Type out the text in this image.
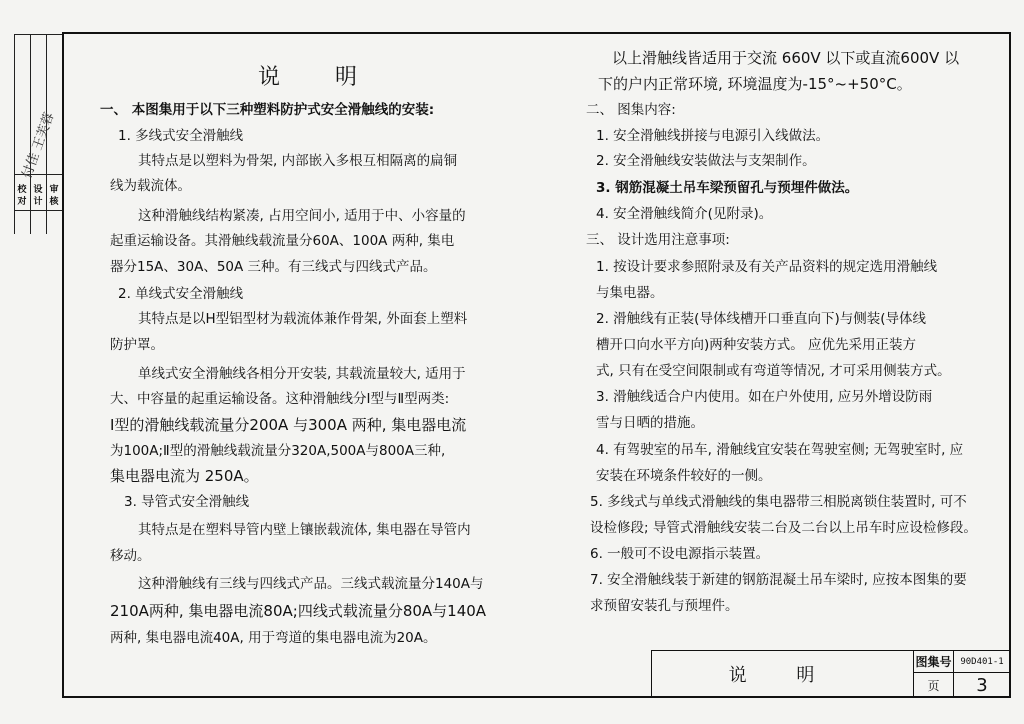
付佳 王芙蓉
校对
设计
审核
说 明
一、 本图集用于以下三种塑料防护式安全滑触线的安装:
1. 多线式安全滑触线
其特点是以塑料为骨架, 内部嵌入多根互相隔离的扁铜
线为载流体。
这种滑触线结构紧凑, 占用空间小, 适用于中、小容量的
起重运输设备。其滑触线载流量分60A、100A 两种, 集电
器分15A、30A、50A 三种。有三线式与四线式产品。
2. 单线式安全滑触线
其特点是以H型铝型材为载流体兼作骨架, 外面套上塑料
防护罩。
单线式安全滑触线各相分开安装, 其载流量较大, 适用于
大、中容量的起重运输设备。这种滑触线分Ⅰ型与Ⅱ型两类:
Ⅰ型的滑触线载流量分200A 与300A 两种, 集电器电流
为100A;Ⅱ型的滑触线载流量分320A,500A与800A三种,
集电器电流为 250A。
3. 导管式安全滑触线
其特点是在塑料导管内壁上镶嵌载流体, 集电器在导管内
移动。
这种滑触线有三线与四线式产品。三线式载流量分140A与
210A两种, 集电器电流80A;四线式载流量分80A与140A
两种, 集电器电流40A, 用于弯道的集电器电流为20A。
以上滑触线皆适用于交流 660V 以下或直流600V 以
下的户内正常环境, 环境温度为-15°~+50°C。
二、 图集内容:
1. 安全滑触线拼接与电源引入线做法。
2. 安全滑触线安装做法与支架制作。
3. 钢筋混凝土吊车梁预留孔与预埋件做法。
4. 安全滑触线简介(见附录)。
三、 设计选用注意事项:
1. 按设计要求参照附录及有关产品资料的规定选用滑触线
与集电器。
2. 滑触线有正装(导体线槽开口垂直向下)与侧装(导体线
槽开口向水平方向)两种安装方式。 应优先采用正装方
式, 只有在受空间限制或有弯道等情况, 才可采用侧装方式。
3. 滑触线适合户内使用。如在户外使用, 应另外增设防雨
雪与日晒的措施。
4. 有驾驶室的吊车, 滑触线宜安装在驾驶室侧; 无驾驶室时, 应
安装在环境条件较好的一侧。
5. 多线式与单线式滑触线的集电器带三相脱离锁住装置时, 可不
设检修段; 导管式滑触线安装二台及二台以上吊车时应设检修段。
6. 一般可不设电源指示装置。
7. 安全滑触线装于新建的钢筋混凝土吊车梁时, 应按本图集的要
求预留安装孔与预埋件。
说 明
图集号 90D401-1
页	3
